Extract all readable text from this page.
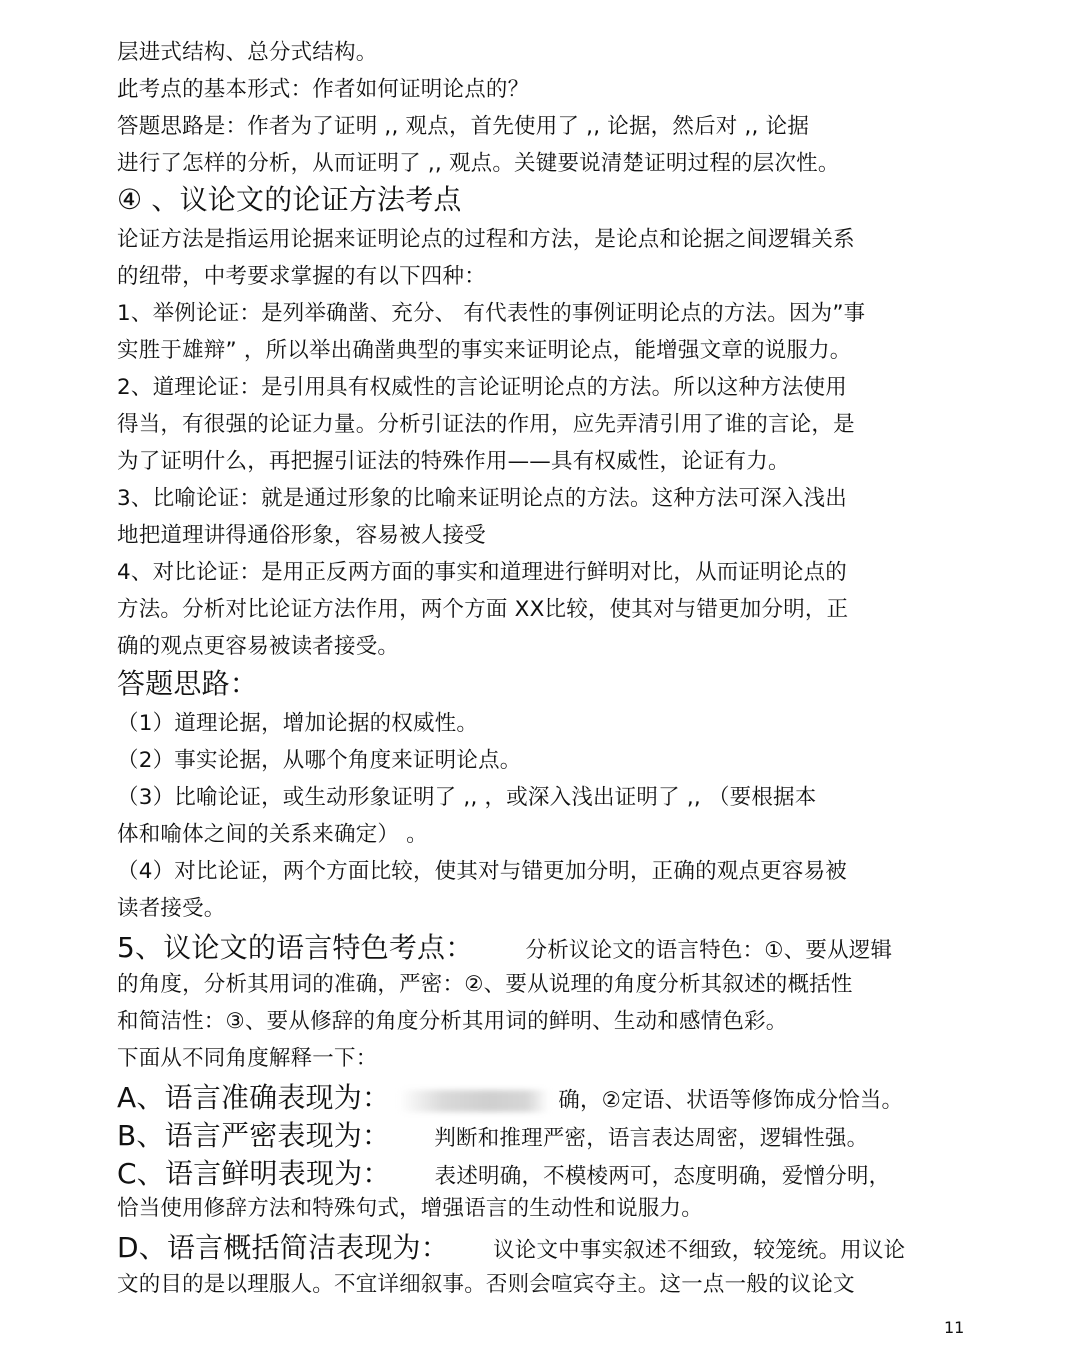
层进式结构、总分式结构。
此考点的基本形式：作者如何证明论点的？
答题思路是：作者为了证明 ,, 观点，首先使用了 ,, 论据，然后对 ,, 论据
进行了怎样的分析，从而证明了 ,, 观点。关键要说清楚证明过程的层次性。
④ 、议论文的论证方法考点
论证方法是指运用论据来证明论点的过程和方法，是论点和论据之间逻辑关系
的纽带，中考要求掌握的有以下四种：
1、举例论证：是列举确凿、充分、 有代表性的事例证明论点的方法。因为”事
实胜于雄辩” ，所以举出确凿典型的事实来证明论点，能增强文章的说服力。
2、道理论证：是引用具有权威性的言论证明论点的方法。所以这种方法使用
得当，有很强的论证力量。分析引证法的作用，应先弄清引用了谁的言论，是
为了证明什么，再把握引证法的特殊作用——具有权威性，论证有力。
3、比喻论证：就是通过形象的比喻来证明论点的方法。这种方法可深入浅出
地把道理讲得通俗形象，容易被人接受
4、对比论证：是用正反两方面的事实和道理进行鲜明对比，从而证明论点的
方法。分析对比论证方法作用，两个方面 XX比较，使其对与错更加分明，正
确的观点更容易被读者接受。
答题思路：
（1）道理论据，增加论据的权威性。
（2）事实论据，从哪个角度来证明论点。
（3）比喻论证，或生动形象证明了 ,, ，或深入浅出证明了 ,, （要根据本
体和喻体之间的关系来确定） 。
（4）对比论证，两个方面比较，使其对与错更加分明，正确的观点更容易被
读者接受。
5、议论文的语言特色考点： 分析议论文的语言特色：①、要从逻辑
的角度，分析其用词的准确，严密：②、要从说理的角度分析其叙述的概括性
和简洁性：③、要从修辞的角度分析其用词的鲜明、生动和感情色彩。
下面从不同角度解释一下：
A、语言准确表现为：	确，②定语、状语等修饰成分恰当。
B、语言严密表现为： 判断和推理严密，语言表达周密，逻辑性强。
C、语言鲜明表现为： 表述明确，不模棱两可，态度明确，爱憎分明，
恰当使用修辞方法和特殊句式，增强语言的生动性和说服力。
D、语言概括简洁表现为： 议论文中事实叙述不细致，较笼统。用议论
文的目的是以理服人。不宜详细叙事。否则会喧宾夺主。这一点一般的议论文
11
